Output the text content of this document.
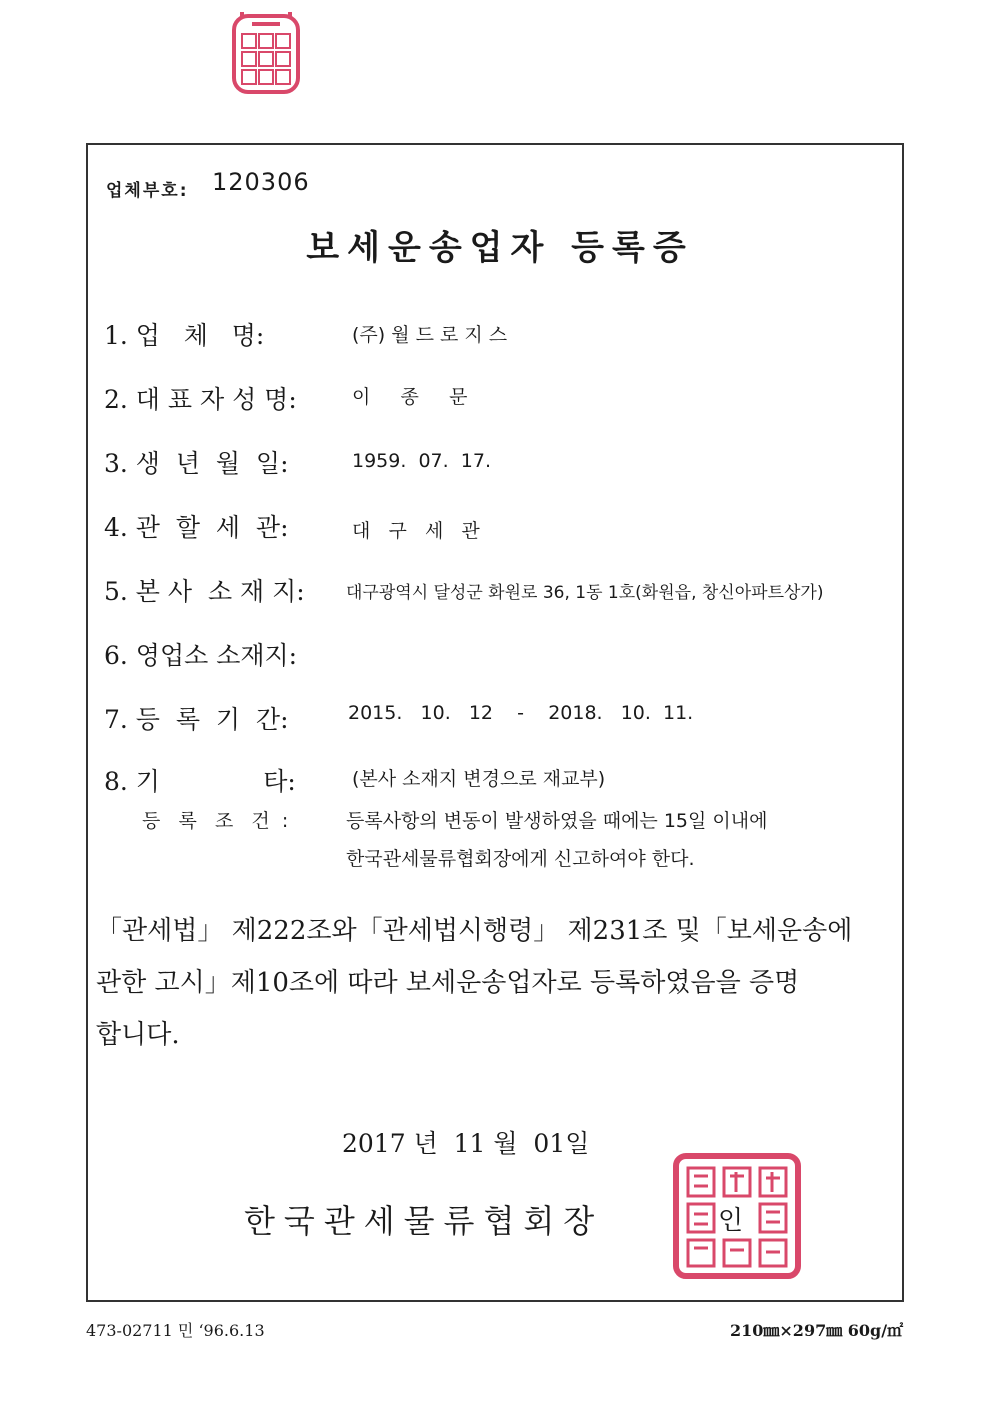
업체부호: 120306
보세운송업자 등록증
1. 업   체   명:	(주) 월 드 로 지 스
2. 대 표 자 성 명:	이     종     문
3. 생  년  월  일:	1959.  07.  17.
4. 관  할  세  관:	대   구   세   관
5. 본 사  소 재 지: 대구광역시 달성군 화원로 36, 1동 1호(화원읍, 창신아파트상가)
6. 영업소 소재지:
7. 등  록  기  간:	2015.   10.   12    -    2018.   10.  11.
8. 기             타:	(본사 소재지 변경으로 재교부)
등   록   조   건  :	등록사항의 변동이 발생하였을 때에는 15일 이내에
한국관세물류협회장에게 신고하여야 한다.
「관세법」 제222조와「관세법시행령」 제231조 및「보세운송에
관한 고시」제10조에 따라 보세운송업자로 등록하였음을 증명
합니다.
2017 년  11 월  01일
한국관세물류협회장	인
473-02711 민 ‘96.6.13	210㎜×297㎜ 60g/㎡
